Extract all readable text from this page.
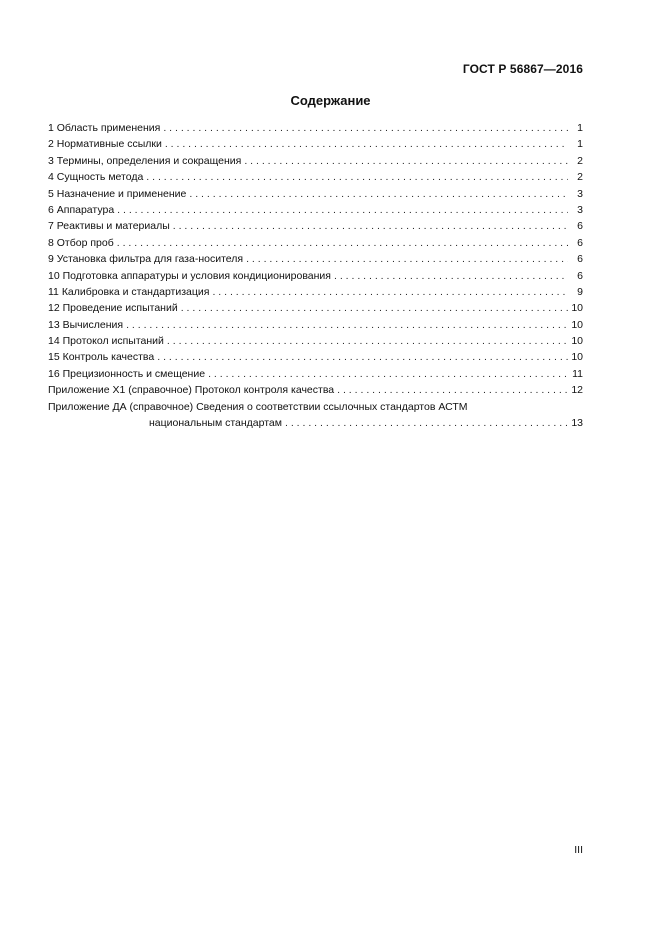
ГОСТ Р 56867—2016
Содержание
1 Область применения . . .	1
2 Нормативные ссылки . . .	1
3 Термины, определения и сокращения . . .	2
4 Сущность метода . . .	2
5 Назначение и применение . . .	3
6 Аппаратура . . .	3
7 Реактивы и материалы . . .	6
8 Отбор проб . . .	6
9 Установка фильтра для газа-носителя . . .	6
10 Подготовка аппаратуры и условия кондиционирования . . .	6
11 Калибровка и стандартизация . . .	9
12 Проведение испытаний . . .	10
13 Вычисления . . .	10
14 Протокол испытаний . . .	10
15 Контроль качества . . .	10
16 Прецизионность и смещение . . .	11
Приложение X1 (справочное) Протокол контроля качества . . .	12
Приложение ДА (справочное) Сведения о соответствии ссылочных стандартов АСТМ
национальным стандартам . . .	13
III
